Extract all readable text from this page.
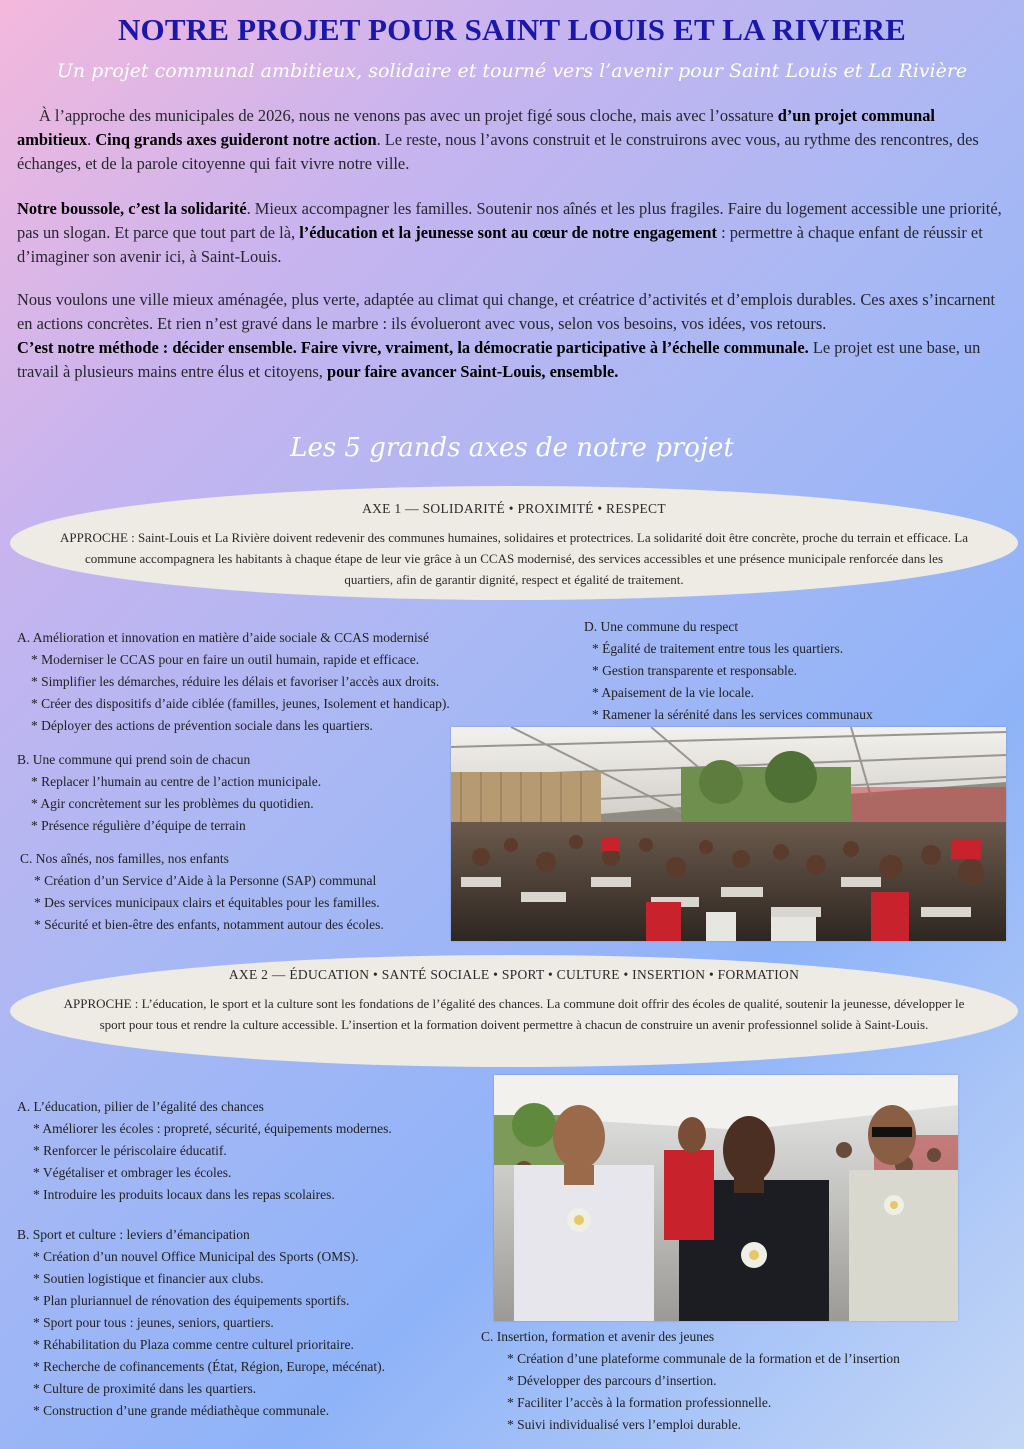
NOTRE PROJET POUR SAINT LOUIS ET LA RIVIERE
Un projet communal ambitieux, solidaire et tourné vers l’avenir pour Saint Louis et La Rivière
À l’approche des municipales de 2026, nous ne venons pas avec un projet figé sous cloche, mais avec l’ossature d’un projet communal ambitieux. Cinq grands axes guideront notre action. Le reste, nous l’avons construit et le construirons avec vous, au rythme des rencontres, des échanges, et de la parole citoyenne qui fait vivre notre ville.
Notre boussole, c’est la solidarité. Mieux accompagner les familles. Soutenir nos aînés et les plus fragiles. Faire du logement accessible une priorité, pas un slogan. Et parce que tout part de là, l’éducation et la jeunesse sont au cœur de notre engagement : permettre à chaque enfant de réussir et d’imaginer son avenir ici, à Saint-Louis.
Nous voulons une ville mieux aménagée, plus verte, adaptée au climat qui change, et créatrice d’activités et d’emplois durables. Ces axes s’incarnent en actions concrètes. Et rien n’est gravé dans le marbre : ils évolueront avec vous, selon vos besoins, vos idées, vos retours.
C’est notre méthode : décider ensemble. Faire vivre, vraiment, la démocratie participative à l’échelle communale. Le projet est une base, un travail à plusieurs mains entre élus et citoyens, pour faire avancer Saint-Louis, ensemble.
Les 5 grands axes de notre projet
AXE 1 — SOLIDARITÉ • PROXIMITÉ • RESPECT
APPROCHE : Saint-Louis et La Rivière doivent redevenir des communes humaines, solidaires et protectrices. La solidarité doit être concrète, proche du terrain et efficace. La commune accompagnera les habitants à chaque étape de leur vie grâce à un CCAS modernisé, des services accessibles et une présence municipale renforcée dans les quartiers, afin de garantir dignité, respect et égalité de traitement.
A. Amélioration et innovation en matière d’aide sociale & CCAS modernisé
* Moderniser le CCAS pour en faire un outil humain, rapide et efficace.
* Simplifier les démarches, réduire les délais et favoriser l’accès aux droits.
* Créer des dispositifs d’aide ciblée (familles, jeunes, Isolement et handicap).
* Déployer des actions de prévention sociale dans les quartiers.
B. Une commune qui prend soin de chacun
* Replacer l’humain au centre de l’action municipale.
* Agir concrètement sur les problèmes du quotidien.
* Présence régulière d’équipe de terrain
C. Nos aînés, nos familles, nos enfants
* Création d’un Service d’Aide à la Personne (SAP) communal
* Des services municipaux clairs et équitables pour les familles.
* Sécurité et bien-être des enfants, notamment autour des écoles.
D. Une commune du respect
* Égalité de traitement entre tous les quartiers.
* Gestion transparente et responsable.
* Apaisement de la vie locale.
* Ramener la sérénité dans les services communaux
AXE 2 — ÉDUCATION • SANTÉ SOCIALE • SPORT • CULTURE • INSERTION • FORMATION
APPROCHE : L’éducation, le sport et la culture sont les fondations de l’égalité des chances. La commune doit offrir des écoles de qualité, soutenir la jeunesse, développer le sport pour tous et rendre la culture accessible. L’insertion et la formation doivent permettre à chacun de construire un avenir professionnel solide à Saint-Louis.
A. L’éducation, pilier de l’égalité des chances
* Améliorer les écoles : propreté, sécurité, équipements modernes.
* Renforcer le périscolaire éducatif.
* Végétaliser et ombrager les écoles.
* Introduire les produits locaux dans les repas scolaires.
B. Sport et culture : leviers d’émancipation
* Création d’un nouvel Office Municipal des Sports (OMS).
* Soutien logistique et financier aux clubs.
* Plan pluriannuel de rénovation des équipements sportifs.
* Sport pour tous : jeunes, seniors, quartiers.
* Réhabilitation du Plaza comme centre culturel prioritaire.
* Recherche de cofinancements (État, Région, Europe, mécénat).
* Culture de proximité dans les quartiers.
* Construction d’une grande médiathèque communale.
C. Insertion, formation et avenir des jeunes
* Création d’une plateforme communale de la formation et de l’insertion
* Développer des parcours d’insertion.
* Faciliter l’accès à la formation professionnelle.
* Suivi individualisé vers l’emploi durable.
